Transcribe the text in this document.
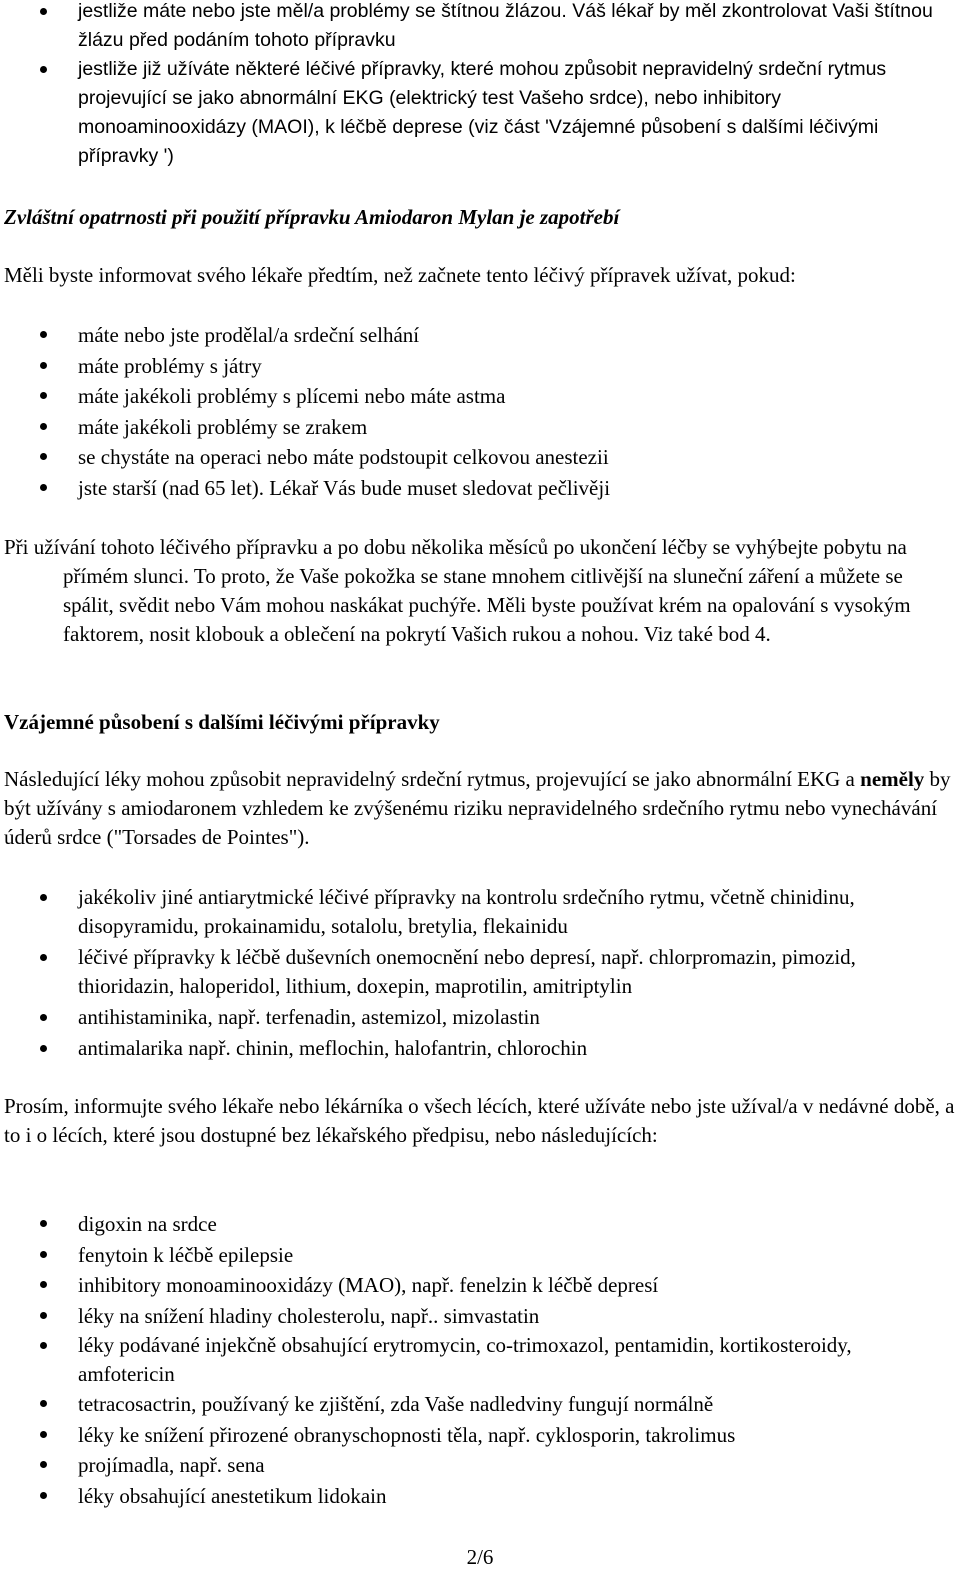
jestliže máte nebo jste měl/a problémy se štítnou žlázou. Váš lékař by měl zkontrolovat Vaši štítnou žlázu před podáním tohoto přípravku
jestliže již užíváte některé léčivé přípravky, které mohou způsobit nepravidelný srdeční rytmus projevující se jako abnormální EKG (elektrický test Vašeho srdce), nebo inhibitory monoaminooxidázy (MAOI), k léčbě deprese (viz část 'Vzájemné působení s dalšími léčivými přípravky ')

Zvláštní opatrnosti při použití přípravku Amiodaron Mylan je zapotřebí

Měli byste informovat svého lékaře předtím, než začnete tento léčivý přípravek užívat, pokud:

máte nebo jste prodělal/a srdeční selhání
máte problémy s játry
máte jakékoli problémy s plícemi nebo máte astma
máte jakékoli problémy se zrakem
se chystáte na operaci nebo máte podstoupit celkovou anestezii
jste starší (nad 65 let). Lékař Vás bude muset sledovat pečlivěji

Při užívání tohoto léčivého přípravku a po dobu několika měsíců po ukončení léčby se vyhýbejte pobytu na přímém slunci. To proto, že Vaše pokožka se stane mnohem citlivější na sluneční záření a můžete se spálit, svědit nebo Vám mohou naskákat puchýře. Měli byste používat krém na opalování s vysokým faktorem, nosit klobouk a oblečení na pokrytí Vašich rukou a nohou. Viz také bod 4.

Vzájemné působení s dalšími léčivými přípravky

Následující léky mohou způsobit nepravidelný srdeční rytmus, projevující se jako abnormální EKG a neměly by být užívány s amiodaronem vzhledem ke zvýšenému riziku nepravidelného srdečního rytmu nebo vynechávání úderů srdce ("Torsades de Pointes").

jakékoliv jiné antiarytmické léčivé přípravky na kontrolu srdečního rytmu, včetně chinidinu, disopyramidu, prokainamidu, sotalolu, bretylia, flekainidu
léčivé přípravky k léčbě duševních onemocnění nebo depresí, např. chlorpromazin, pimozid, thioridazin, haloperidol, lithium, doxepin, maprotilin, amitriptylin
antihistaminika, např. terfenadin, astemizol, mizolastin
antimalarika např. chinin, meflochin, halofantrin, chlorochin

Prosím, informujte svého lékaře nebo lékárníka o všech lécích, které užíváte nebo jste užíval/a v nedávné době, a to i o lécích, které jsou dostupné bez lékařského předpisu, nebo následujících:

digoxin na srdce
fenytoin k léčbě epilepsie
inhibitory monoaminooxidázy (MAO), např. fenelzin k léčbě depresí
léky na snížení hladiny cholesterolu, např.. simvastatin
léky podávané injekčně obsahující erytromycin, co-trimoxazol, pentamidin, kortikosteroidy, amfotericin
tetracosactrin, používaný ke zjištění, zda Vaše nadledviny fungují normálně
léky ke snížení přirozené obranyschopnosti těla, např. cyklosporin, takrolimus
projímadla, např. sena
léky obsahující anestetikum lidokain
2/6
